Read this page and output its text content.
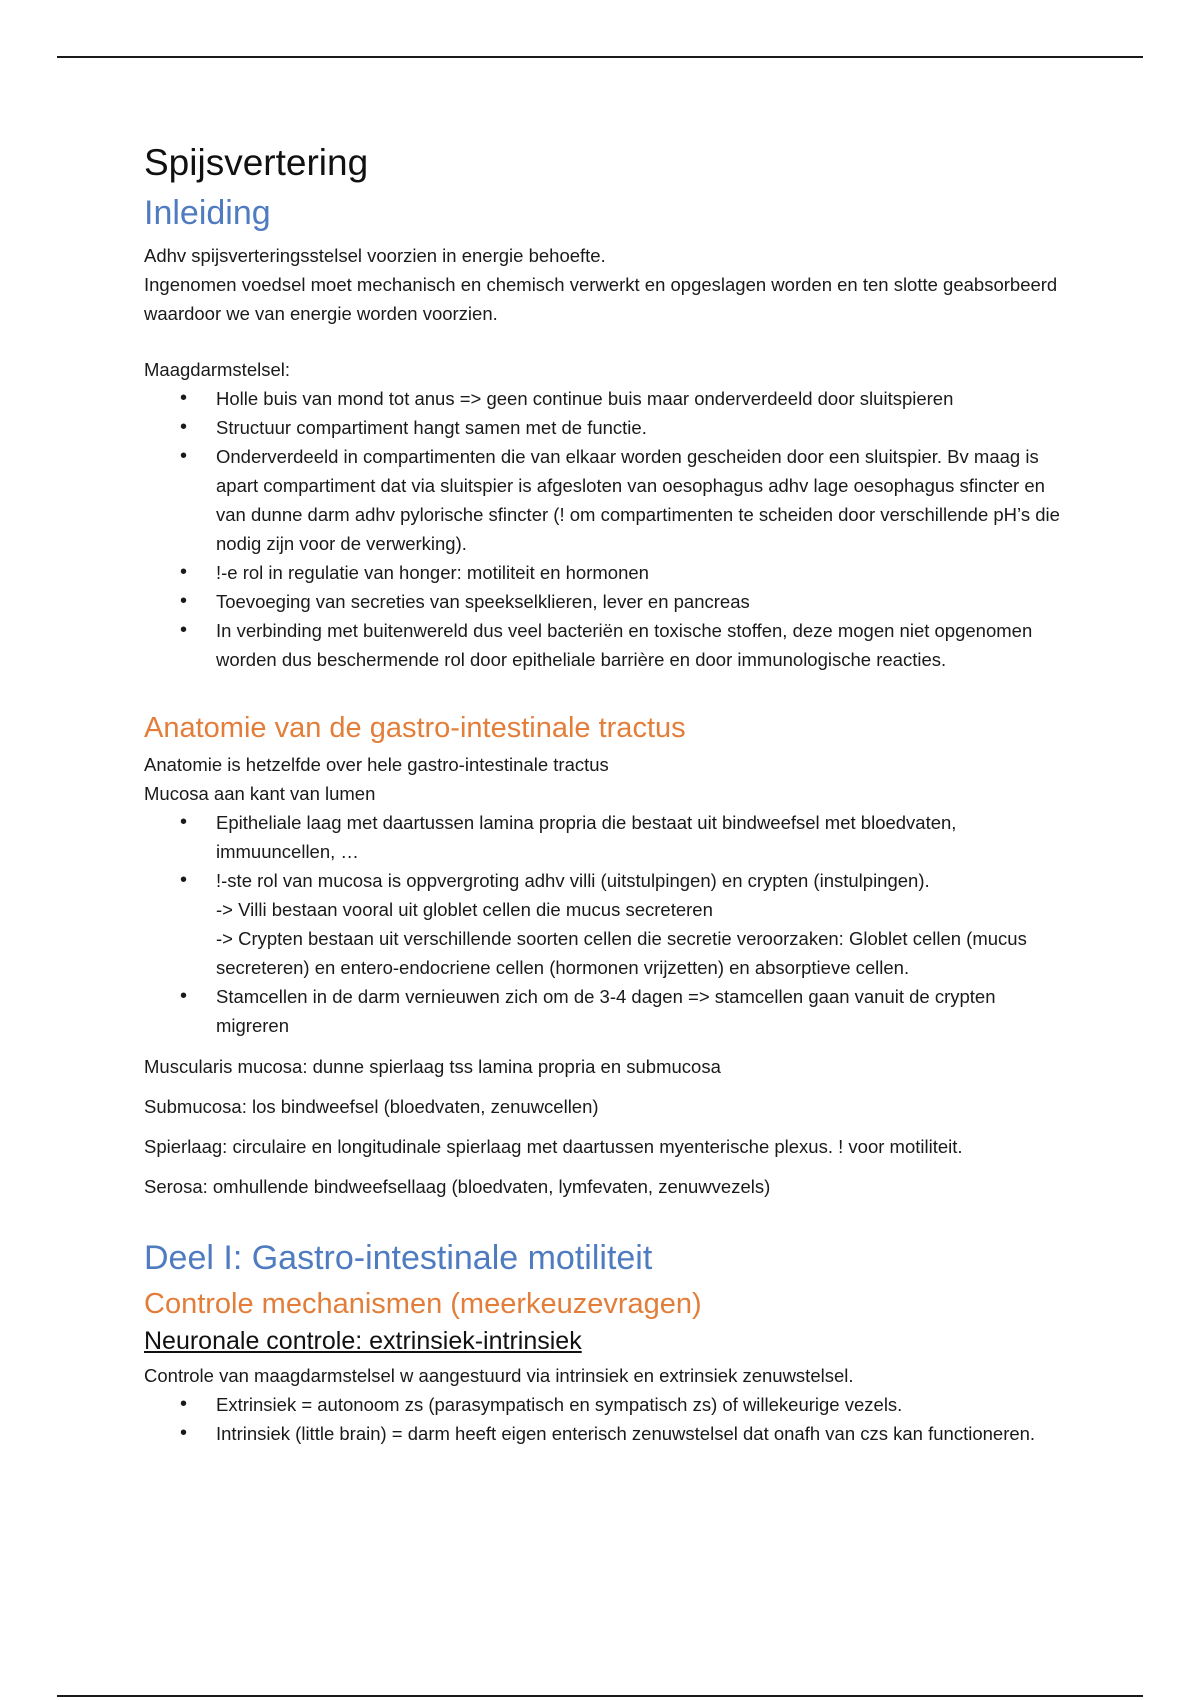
Spijsvertering
Inleiding

Adhv spijsverteringsstelsel voorzien in energie behoefte.

Ingenomen voedsel moet mechanisch en chemisch verwerkt en opgeslagen worden en ten slotte geabsorbeerd waardoor we van energie worden voorzien.

Maagdarmstelsel:

• Holle buis van mond tot anus => geen continue buis maar onderverdeeld door sluitspieren
• Structuur compartiment hangt samen met de functie.
• Onderverdeeld in compartimenten die van elkaar worden gescheiden door een sluitspier. Bv maag is apart compartiment dat via sluitspier is afgesloten van oesophagus adhv lage oesophagus sfincter en van dunne darm adhv pylorische sfincter (! om compartimenten te scheiden door verschillende pH’s die nodig zijn voor de verwerking).
• !-e rol in regulatie van honger: motiliteit en hormonen
• Toevoeging van secreties van speekselklieren, lever en pancreas
• In verbinding met buitenwereld dus veel bacteriën en toxische stoffen, deze mogen niet opgenomen worden dus beschermende rol door epitheliale barrière en door immunologische reacties.
Anatomie van de gastro-intestinale tractus

Anatomie is hetzelfde over hele gastro-intestinale tractus

Mucosa aan kant van lumen

• Epitheliale laag met daartussen lamina propria die bestaat uit bindweefsel met bloedvaten, immuuncellen, …
• !-ste rol van mucosa is oppvergroting adhv villi (uitstulpingen) en crypten (instulpingen).
-> Villi bestaan vooral uit globlet cellen die mucus secreteren
-> Crypten bestaan uit verschillende soorten cellen die secretie veroorzaken: Globlet cellen (mucus secreteren) en entero-endocriene cellen (hormonen vrijzetten) en absorptieve cellen.
• Stamcellen in de darm vernieuwen zich om de 3-4 dagen => stamcellen gaan vanuit de crypten migreren

Muscularis mucosa: dunne spierlaag tss lamina propria en submucosa

Submucosa: los bindweefsel (bloedvaten, zenuwcellen)

Spierlaag: circulaire en longitudinale spierlaag met daartussen myenterische plexus. ! voor motiliteit.

Serosa: omhullende bindweefsellaag (bloedvaten, lymfevaten, zenuwvezels)

Deel I: Gastro-intestinale motiliteit
Controle mechanismen (meerkeuzevragen)
Neuronale controle: extrinsiek-intrinsiek

Controle van maagdarmstelsel w aangestuurd via intrinsiek en extrinsiek zenuwstelsel.

• Extrinsiek = autonoom zs (parasympatisch en sympatisch zs) of willekeurige vezels.
• Intrinsiek (little brain) = darm heeft eigen enterisch zenuwstelsel dat onafh van czs kan functioneren.
